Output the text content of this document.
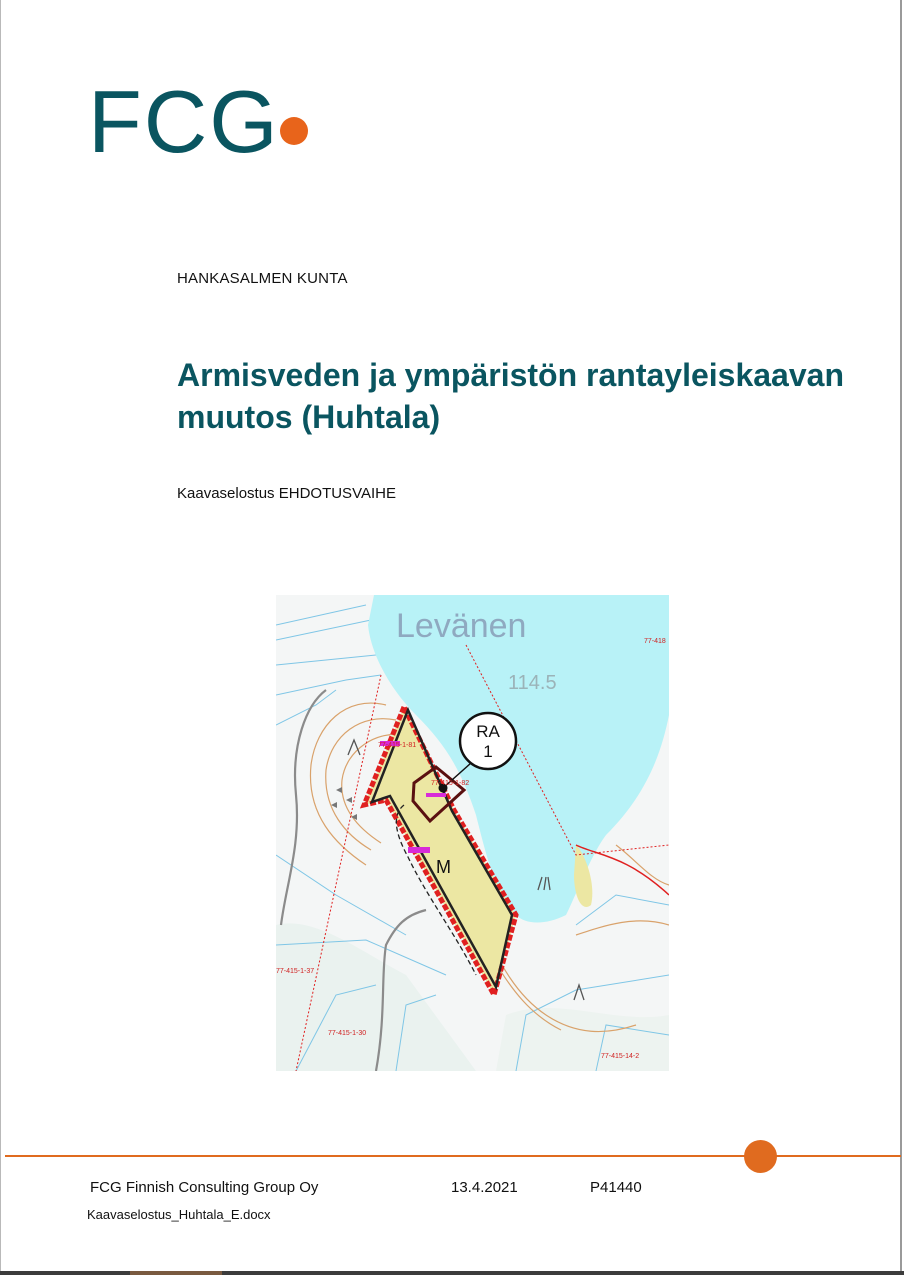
FCG
HANKASALMEN KUNTA
Armisveden ja ympäristön rantayleiskaavan muutos (Huhtala)
Kaavaselostus EHDOTUSVAIHE
RA
1
M
Levänen
114.5
77-415-1-37
77-415-1-30
77-415-14-2
77-418
77-415-1-81
77-415-1-82
FCG Finnish Consulting Group Oy	13.4.2021	P41440
Kaavaselostus_Huhtala_E.docx
